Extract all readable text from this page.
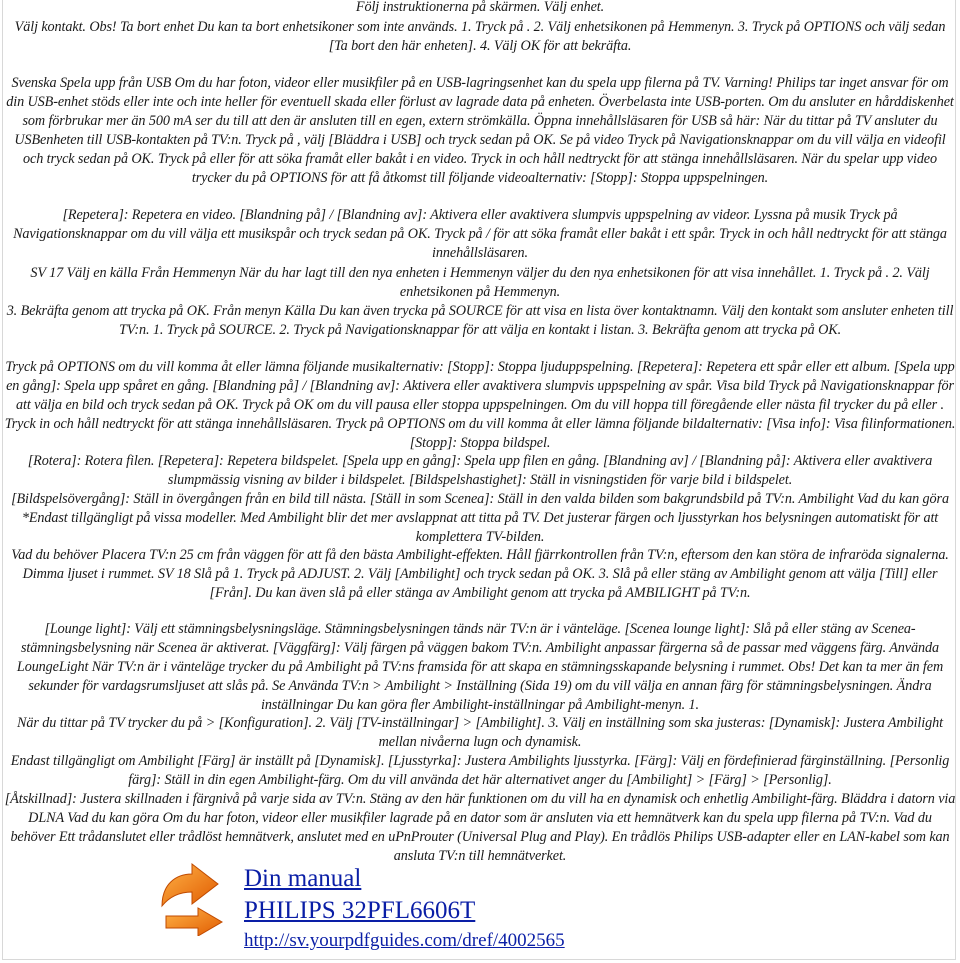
Följ instruktionerna på skärmen. Välj enhet.

Välj kontakt. Obs! Ta bort enhet Du kan ta bort enhetsikoner som inte används. 1. Tryck på . 2. Välj enhetsikonen på Hemmenyn. 3. Tryck på OPTIONS och välj sedan [Ta bort den här enheten]. 4. Välj OK för att bekräfta.

Svenska Spela upp från USB Om du har foton, videor eller musikfiler på en USB-lagringsenhet kan du spela upp filerna på TV. Varning! Philips tar inget ansvar för om din USB-enhet stöds eller inte och inte heller för eventuell skada eller förlust av lagrade data på enheten. Överbelasta inte USB-porten. Om du ansluter en hårddiskenhet som förbrukar mer än 500 mA ser du till att den är ansluten till en egen, extern strömkälla. Öppna innehållsläsaren för USB så här: När du tittar på TV ansluter du USBenheten till USB-kontakten på TV:n. Tryck på , välj [Bläddra i USB] och tryck sedan på OK. Se på video Tryck på Navigationsknappar om du vill välja en videofil och tryck sedan på OK. Tryck på eller för att söka framåt eller bakåt i en video. Tryck in och håll nedtryckt för att stänga innehållsläsaren. När du spelar upp video trycker du på OPTIONS för att få åtkomst till följande videoalternativ: [Stopp]: Stoppa uppspelningen.

[Repetera]: Repetera en video. [Blandning på] / [Blandning av]: Aktivera eller avaktivera slumpvis uppspelning av videor. Lyssna på musik Tryck på Navigationsknappar om du vill välja ett musikspår och tryck sedan på OK. Tryck på / för att söka framåt eller bakåt i ett spår. Tryck in och håll nedtryckt för att stänga innehållsläsaren.

SV 17 Välj en källa Från Hemmenyn När du har lagt till den nya enheten i Hemmenyn väljer du den nya enhetsikonen för att visa innehållet. 1. Tryck på . 2. Välj enhetsikonen på Hemmenyn.

3. Bekräfta genom att trycka på OK. Från menyn Källa Du kan även trycka på SOURCE för att visa en lista över kontaktnamn. Välj den kontakt som ansluter enheten till TV:n. 1. Tryck på SOURCE. 2. Tryck på Navigationsknappar för att välja en kontakt i listan. 3. Bekräfta genom att trycka på OK.

Tryck på OPTIONS om du vill komma åt eller lämna följande musikalternativ: [Stopp]: Stoppa ljuduppspelning. [Repetera]: Repetera ett spår eller ett album. [Spela upp en gång]: Spela upp spåret en gång. [Blandning på] / [Blandning av]: Aktivera eller avaktivera slumpvis uppspelning av spår. Visa bild Tryck på Navigationsknappar för att välja en bild och tryck sedan på OK. Tryck på OK om du vill pausa eller stoppa uppspelningen. Om du vill hoppa till föregående eller nästa fil trycker du på eller . Tryck in och håll nedtryckt för att stänga innehållsläsaren. Tryck på OPTIONS om du vill komma åt eller lämna följande bildalternativ: [Visa info]: Visa filinformationen. [Stopp]: Stoppa bildspel.

[Rotera]: Rotera filen. [Repetera]: Repetera bildspelet. [Spela upp en gång]: Spela upp filen en gång. [Blandning av] / [Blandning på]: Aktivera eller avaktivera slumpmässig visning av bilder i bildspelet. [Bildspelshastighet]: Ställ in visningstiden för varje bild i bildspelet.

[Bildspelsövergång]: Ställ in övergången från en bild till nästa. [Ställ in som Scenea]: Ställ in den valda bilden som bakgrundsbild på TV:n. Ambilight Vad du kan göra *Endast tillgängligt på vissa modeller. Med Ambilight blir det mer avslappnat att titta på TV. Det justerar färgen och ljusstyrkan hos belysningen automatiskt för att komplettera TV-bilden.

Vad du behöver Placera TV:n 25 cm från väggen för att få den bästa Ambilight-effekten. Håll fjärrkontrollen från TV:n, eftersom den kan störa de infraröda signalerna. Dimma ljuset i rummet. SV 18 Slå på 1. Tryck på ADJUST. 2. Välj [Ambilight] och tryck sedan på OK. 3. Slå på eller stäng av Ambilight genom att välja [Till] eller [Från]. Du kan även slå på eller stänga av Ambilight genom att trycka på AMBILIGHT på TV:n.

[Lounge light]: Välj ett stämningsbelysningsläge. Stämningsbelysningen tänds när TV:n är i vänteläge. [Scenea lounge light]: Slå på eller stäng av Scenea-stämningsbelysning när Scenea är aktiverat. [Väggfärg]: Välj färgen på väggen bakom TV:n. Ambilight anpassar färgerna så de passar med väggens färg. Använda LoungeLight När TV:n är i vänteläge trycker du på Ambilight på TV:ns framsida för att skapa en stämningsskapande belysning i rummet. Obs! Det kan ta mer än fem sekunder för vardagsrumsljuset att slås på. Se Använda TV:n > Ambilight > Inställning (Sida 19) om du vill välja en annan färg för stämningsbelysningen. Ändra inställningar Du kan göra fler Ambilight-inställningar på Ambilight-menyn. 1.

När du tittar på TV trycker du på > [Konfiguration]. 2. Välj [TV-inställningar] > [Ambilight]. 3. Välj en inställning som ska justeras: [Dynamisk]: Justera Ambilight mellan nivåerna lugn och dynamisk.

Endast tillgängligt om Ambilight [Färg] är inställt på [Dynamisk]. [Ljusstyrka]: Justera Ambilights ljusstyrka. [Färg]: Välj en fördefinierad färginställning. [Personlig färg]: Ställ in din egen Ambilight-färg. Om du vill använda det här alternativet anger du [Ambilight] > [Färg] > [Personlig].

[Åtskillnad]: Justera skillnaden i färgnivå på varje sida av TV:n. Stäng av den här funktionen om du vill ha en dynamisk och enhetlig Ambilight-färg. Bläddra i datorn via DLNA Vad du kan göra Om du har foton, videor eller musikfiler lagrade på en dator som är ansluten via ett hemnätverk kan du spela upp filerna på TV:n. Vad du behöver Ett trådanslutet eller trådlöst hemnätverk, anslutet med en uPnProuter (Universal Plug and Play). En trådlös Philips USB-adapter eller en LAN-kabel som kan ansluta TV:n till hemnätverket.

Din manual
PHILIPS 32PFL6606T
http://sv.yourpdfguides.com/dref/4002565
